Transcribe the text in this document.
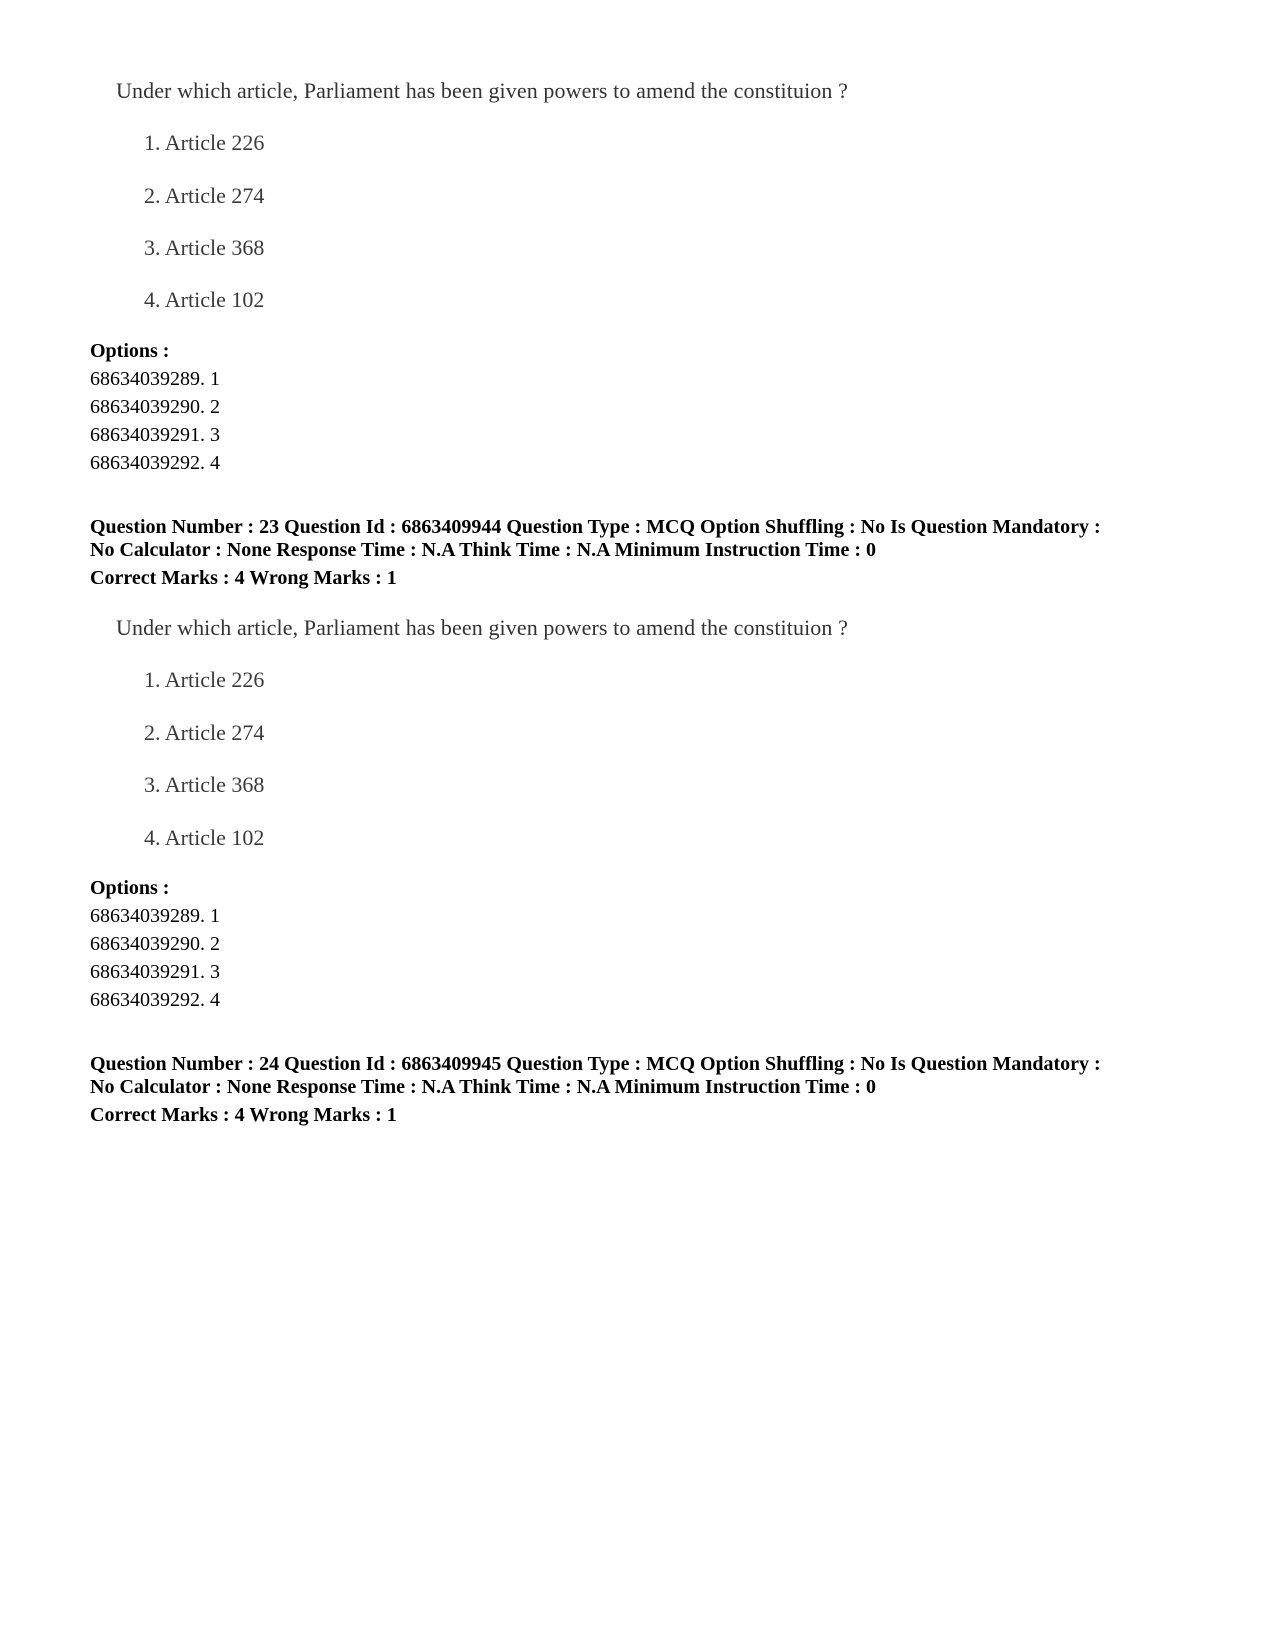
Under which article, Parliament has been given powers to amend the constituion ?
1. Article 226
2. Article 274
3. Article 368
4. Article 102
Options :
68634039289. 1
68634039290. 2
68634039291. 3
68634039292. 4
Question Number : 23 Question Id : 6863409944 Question Type : MCQ Option Shuffling : No Is Question Mandatory :
No Calculator : None Response Time : N.A Think Time : N.A Minimum Instruction Time : 0
Correct Marks : 4 Wrong Marks : 1
Under which article, Parliament has been given powers to amend the constituion ?
1. Article 226
2. Article 274
3. Article 368
4. Article 102
Options :
68634039289. 1
68634039290. 2
68634039291. 3
68634039292. 4
Question Number : 24 Question Id : 6863409945 Question Type : MCQ Option Shuffling : No Is Question Mandatory :
No Calculator : None Response Time : N.A Think Time : N.A Minimum Instruction Time : 0
Correct Marks : 4 Wrong Marks : 1
